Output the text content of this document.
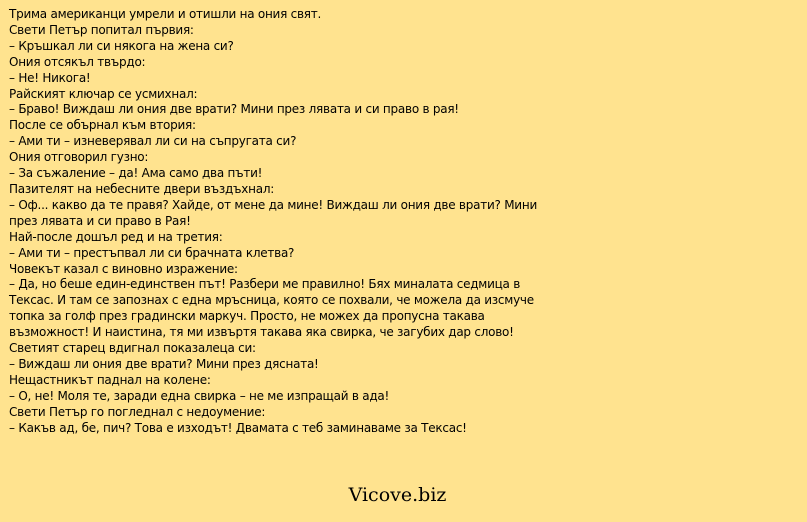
Трима американци умрели и отишли на ония свят.
Свети Петър попитал първия:
– Кръшкал ли си някога на жена си?
Ония отсякъл твърдо:
– Не! Никога!
Райският ключар се усмихнал:
– Браво! Виждаш ли ония две врати? Мини през лявата и си право в рая!
После се обърнал към втория:
– Ами ти – изневерявал ли си на съпругата си?
Ония отговорил гузно:
– За съжаление – да! Ама само два пъти!
Пазителят на небесните двери въздъхнал:
– Оф... какво да те правя? Хайде, от мене да мине! Виждаш ли ония две врати? Мини
през лявата и си право в Рая!
Най-после дошъл ред и на третия:
– Ами ти – престъпвал ли си брачната клетва?
Човекът казал с виновно изражение:
– Да, но беше един-единствен път! Разбери ме правилно! Бях миналата седмица в
Тексас. И там се запознах с една мръсница, която се похвали, че можела да изсмуче
топка за голф през градински маркуч. Просто, не можех да пропусна такава
възможност! И наистина, тя ми извъртя такава яка свирка, че загубих дар слово!
Светият старец вдигнал показалеца си:
– Виждаш ли ония две врати? Мини през дясната!
Нещастникът паднал на колене:
– О, не! Моля те, заради една свирка – не ме изпращай в ада!
Свети Петър го погледнал с недоумение:
– Какъв ад, бе, пич? Това е изходът! Двамата с теб заминаваме за Тексас!
Vicove.biz
